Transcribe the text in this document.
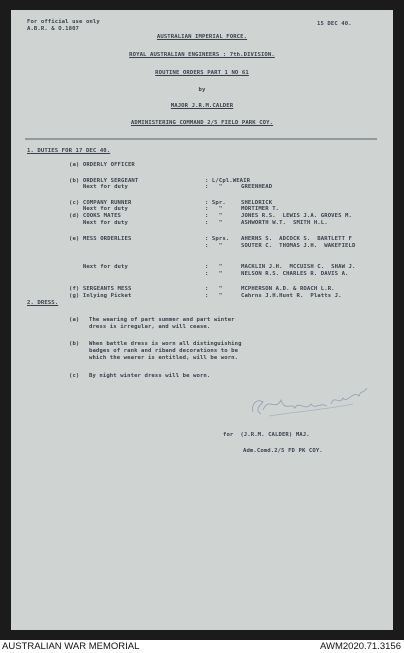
For official use only
A.B.R. & O.1807
15 DEC 40.
AUSTRALIAN IMPERIAL FORCE.
ROYAL AUSTRALIAN ENGINEERS : 7th.DIVISION.
ROUTINE ORDERS PART 1 NO 61
by
MAJOR J.R.M.CALDER
ADMINISTERING COMMAND 2/5 FIELD PARK COY.
1. DUTIES FOR 17 DEC 40.
(a) ORDERLY OFFICER
(b) ORDERLY SERGEANT	: L/Cpl.WEAIR
Next for duty	:   "	GREENHEAD
(c) COMPANY RUNNER	: Spr.	SHELDRICK
Next for duty	:   "	MORTIMER T.
(d) COOKS MATES	:   "	JONES R.S.  LEWIS J.A. GROVES M.
Next for duty	:   "	ASHWORTH W.T.  SMITH H.L.
(e) MESS ORDERLIES	: Sprs. AHERNS S.  ADCOCK S.  BARTLETT F
:   "	SOUTER C.  THOMAS J.H.  WAKEFIELD
Next for duty	:   "	MACKLIN J.H.  MCCUISH C.  SHAW J.
:   "	NELSON R.S. CHARLES R. DAVIS A.
(f) SERGEANTS MESS	:   "	MCPHERSON A.D. & ROACH L.R.
(g) Inlying Picket	:   "	Cahrns J.H.Hunt R.  Platts J.
2. DRESS.
(a) The wearing of part summer and part winter
dress is irregular, and will cease.
(b) When battle dress is worn all distinguishing
badges of rank and riband decorations to be
which the wearer is entitled, will be worn.
(c) By night winter dress will be worn.
for  (J.R.M. CALDER) MAJ.
Adm.Comd.2/5 FD PK COY.
AUSTRALIAN WAR MEMORIAL	AWM2020.71.3156
